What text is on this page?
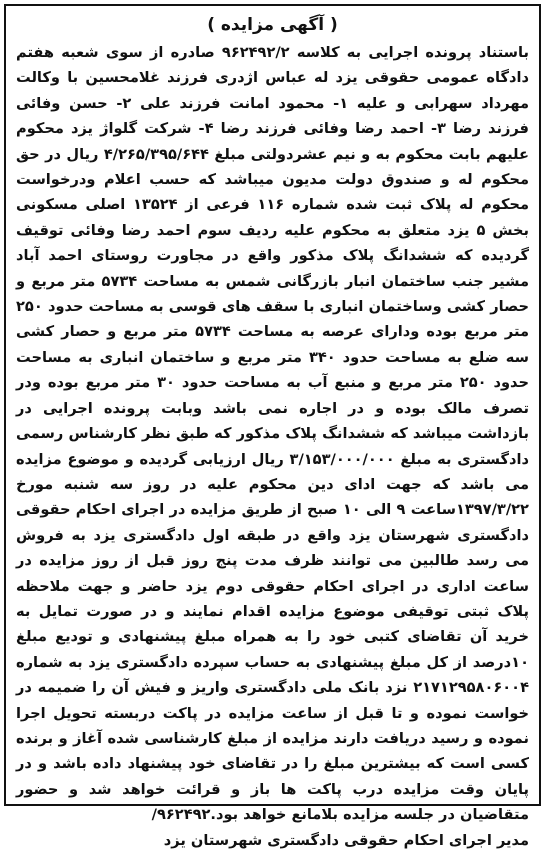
( آگهی مزایده )

باستناد پرونده اجرایی به کلاسه ۹۶۲۴۹۲/۲ صادره از سوی شعبه هفتم دادگاه عمومی حقوقی یزد له عباس اژدری فرزند غلامحسین با وکالت مهرداد سهرابی و علیه ۱- محمود امانت فرزند علی ۲- حسن وفائی فرزند رضا ۳- احمد رضا وفائی فرزند رضا ۴- شرکت گلواژ یزد محکوم علیهم بابت محکوم به و نیم عشردولتی مبلغ ۴/۲۶۵/۳۹۵/۶۴۴ ریال در حق محکوم له و صندوق دولت مدیون میباشد که حسب اعلام ودرخواست محکوم له پلاک ثبت شده شماره ۱۱۶ فرعی از ۱۳۵۲۴ اصلی مسکونی بخش ۵ یزد متعلق به محکوم علیه ردیف سوم احمد رضا وفائی توقیف گردیده که ششدانگ پلاک مذکور واقع در مجاورت روستای احمد آباد مشیر جنب ساختمان انبار بازرگانی شمس به مساحت ۵۷۳۴ متر مربع و حصار کشی وساختمان انباری با سقف های قوسی به مساحت حدود ۲۵۰ متر مربع بوده ودارای عرصه به مساحت ۵۷۳۴ متر مربع و حصار کشی سه ضلع به مساحت حدود ۳۴۰ متر مربع و ساختمان انباری به مساحت حدود ۲۵۰ متر مربع و منبع آب به مساحت حدود ۳۰ متر مربع بوده ودر تصرف مالک بوده و در اجاره نمی باشد وبابت پرونده اجرایی در بازداشت میباشد که ششدانگ پلاک مذکور که طبق نظر کارشناس رسمی دادگستری به مبلغ ۳/۱۵۳/۰۰۰/۰۰۰ ریال ارزیابی گردیده و موضوع مزایده می باشد که جهت ادای دین محکوم علیه در روز سه شنبه مورخ ۱۳۹۷/۳/۲۲ساعت ۹ الی ۱۰ صبح از طریق مزایده در اجرای احکام حقوقی دادگستری شهرستان یزد واقع در طبقه اول دادگستری یزد به فروش می رسد طالبین می توانند ظرف مدت پنج روز قبل از روز مزایده در ساعت اداری در اجرای احکام حقوقی دوم یزد حاضر و جهت ملاحظه پلاک ثبتی توقیفی موضوع مزایده اقدام نمایند و در صورت تمایل به خرید آن تقاضای کتبی خود را به همراه مبلغ پیشنهادی و تودیع مبلغ ۱۰درصد از کل مبلغ پیشنهادی به حساب سپرده دادگستری یزد به شماره ۲۱۷۱۲۹۵۸۰۶۰۰۴ نزد بانک ملی دادگستری واریز و فیش آن را ضمیمه در خواست نموده و تا قبل از ساعت مزایده در پاکت دربسته تحویل اجرا نموده و رسید دریافت دارند مزایده از مبلغ کارشناسی شده آغاز و برنده کسی است که بیشترین مبلغ را در تقاضای خود پیشنهاد داده باشد و در پایان وقت مزایده درب پاکت ها باز و قرائت خواهد شد و حضور متقاضیان در جلسه مزایده بلامانع خواهد بود.۹۶۲۴۹۲/

مدیر اجرای احکام حقوقی دادگستری شهرستان یزد
